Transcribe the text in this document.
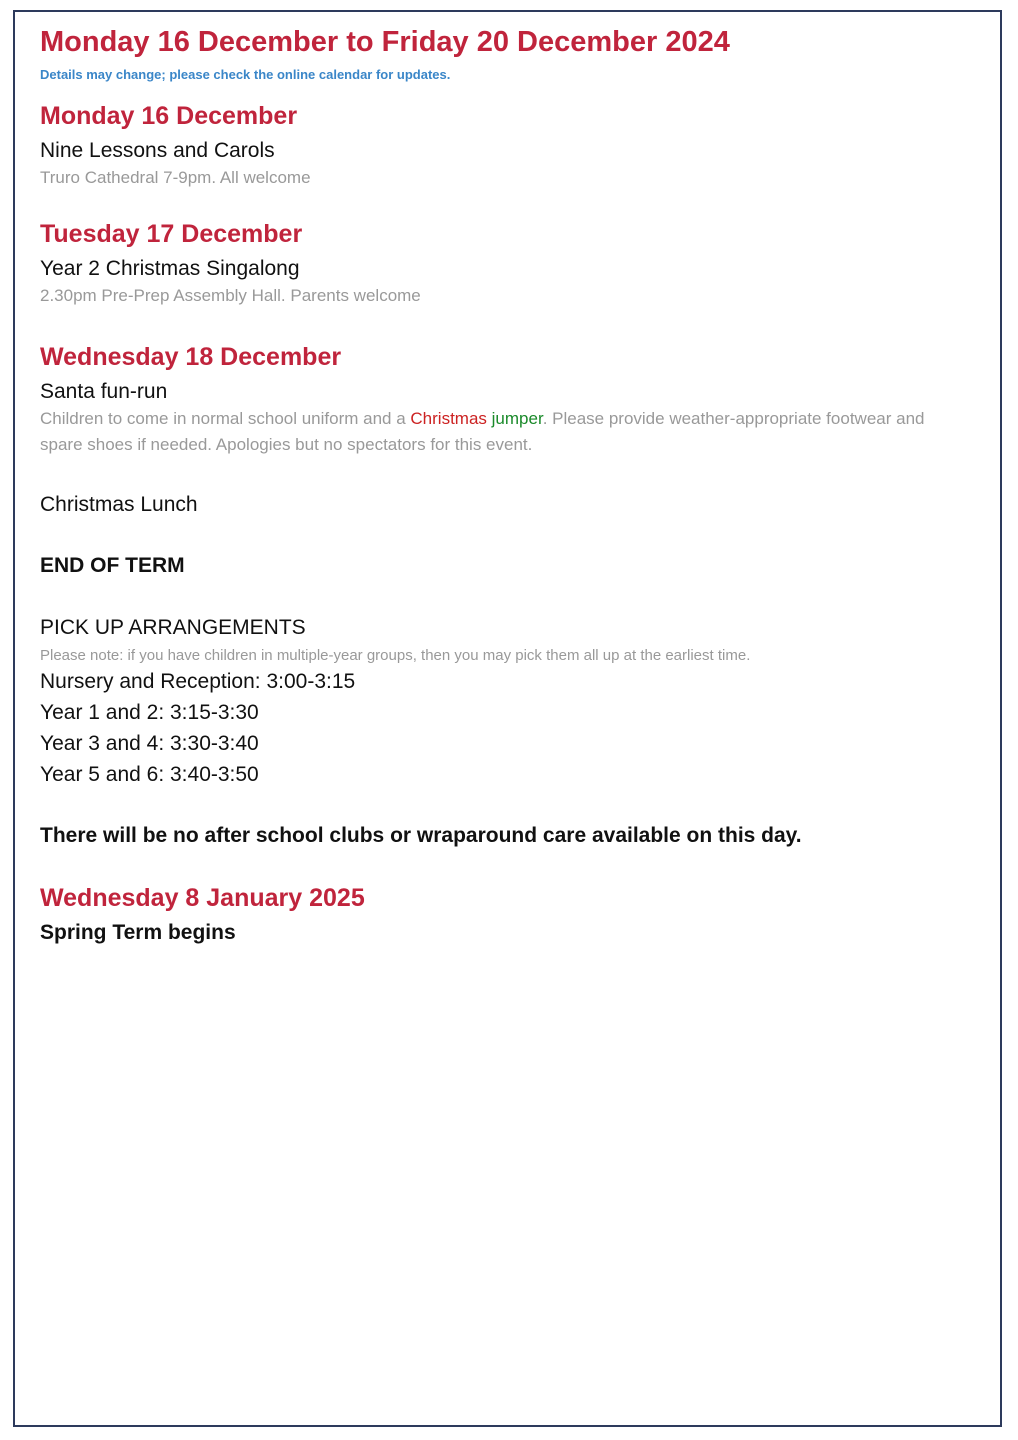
Monday 16 December to Friday 20 December 2024

Details may change; please check the online calendar for updates.

Monday 16 December

Nine Lessons and Carols

Truro Cathedral 7-9pm. All welcome

Tuesday 17 December

Year 2 Christmas Singalong

2.30pm Pre-Prep Assembly Hall. Parents welcome

Wednesday 18 December

Santa fun-run

Children to come in normal school uniform and a Christmas jumper. Please provide weather-appropriate footwear and spare shoes if needed. Apologies but no spectators for this event.

Christmas Lunch

END OF TERM

PICK UP ARRANGEMENTS

Please note: if you have children in multiple-year groups, then you may pick them all up at the earliest time.

Nursery and Reception: 3:00-3:15

Year 1 and 2: 3:15-3:30

Year 3 and 4: 3:30-3:40

Year 5 and 6: 3:40-3:50

There will be no after school clubs or wraparound care available on this day.

Wednesday 8 January 2025

Spring Term begins
